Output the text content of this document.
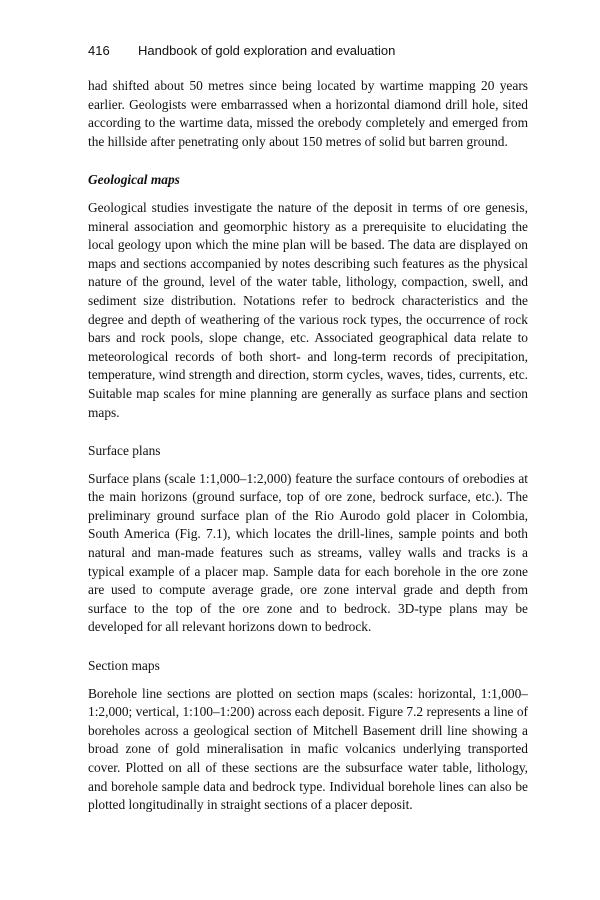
416 Handbook of gold exploration and evaluation

had shifted about 50 metres since being located by wartime mapping 20 years earlier. Geologists were embarrassed when a horizontal diamond drill hole, sited according to the wartime data, missed the orebody completely and emerged from the hillside after penetrating only about 150 metres of solid but barren ground.

Geological maps

Geological studies investigate the nature of the deposit in terms of ore genesis, mineral association and geomorphic history as a prerequisite to elucidating the local geology upon which the mine plan will be based. The data are displayed on maps and sections accompanied by notes describing such features as the physical nature of the ground, level of the water table, lithology, compaction, swell, and sediment size distribution. Notations refer to bedrock characteristics and the degree and depth of weathering of the various rock types, the occurrence of rock bars and rock pools, slope change, etc. Associated geographical data relate to meteorological records of both short- and long-term records of precipitation, temperature, wind strength and direction, storm cycles, waves, tides, currents, etc. Suitable map scales for mine planning are generally as surface plans and section maps.

Surface plans

Surface plans (scale 1:1,000–1:2,000) feature the surface contours of orebodies at the main horizons (ground surface, top of ore zone, bedrock surface, etc.). The preliminary ground surface plan of the Rio Aurodo gold placer in Colombia, South America (Fig. 7.1), which locates the drill-lines, sample points and both natural and man-made features such as streams, valley walls and tracks is a typical example of a placer map. Sample data for each borehole in the ore zone are used to compute average grade, ore zone interval grade and depth from surface to the top of the ore zone and to bedrock. 3D-type plans may be developed for all relevant horizons down to bedrock.

Section maps

Borehole line sections are plotted on section maps (scales: horizontal, 1:1,000– 1:2,000; vertical, 1:100–1:200) across each deposit. Figure 7.2 represents a line of boreholes across a geological section of Mitchell Basement drill line showing a broad zone of gold mineralisation in mafic volcanics underlying transported cover. Plotted on all of these sections are the subsurface water table, lithology, and borehole sample data and bedrock type. Individual borehole lines can also be plotted longitudinally in straight sections of a placer deposit.
